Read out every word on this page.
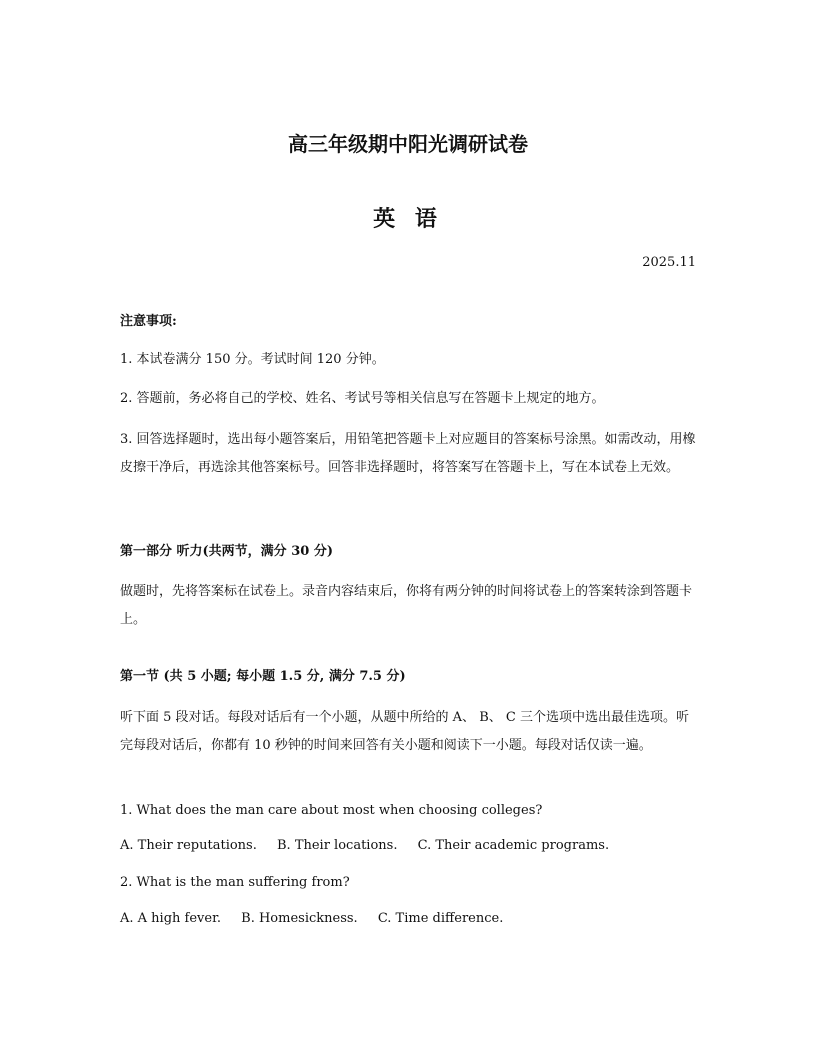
高三年级期中阳光调研试卷
英 语

2025.11

注意事项:

1. 本试卷满分 150 分。考试时间 120 分钟。

2. 答题前，务必将自己的学校、姓名、考试号等相关信息写在答题卡上规定的地方。

3. 回答选择题时，选出每小题答案后，用铅笔把答题卡上对应题目的答案标号涂黑。如需改动，用橡皮擦干净后，再选涂其他答案标号。回答非选择题时，将答案写在答题卡上，写在本试卷上无效。

第一部分 听力(共两节，满分 30 分)

做题时，先将答案标在试卷上。录音内容结束后，你将有两分钟的时间将试卷上的答案转涂到答题卡上。

第一节 (共 5 小题; 每小题 1.5 分, 满分 7.5 分)

听下面 5 段对话。每段对话后有一个小题，从题中所给的 A、 B、 C 三个选项中选出最佳选项。听完每段对话后，你都有 10 秒钟的时间来回答有关小题和阅读下一小题。每段对话仅读一遍。

1. What does the man care about most when choosing colleges?

A. Their reputations. B. Their locations. C. Their academic programs.

2. What is the man suffering from?

A. A high fever. B. Homesickness. C. Time difference.
